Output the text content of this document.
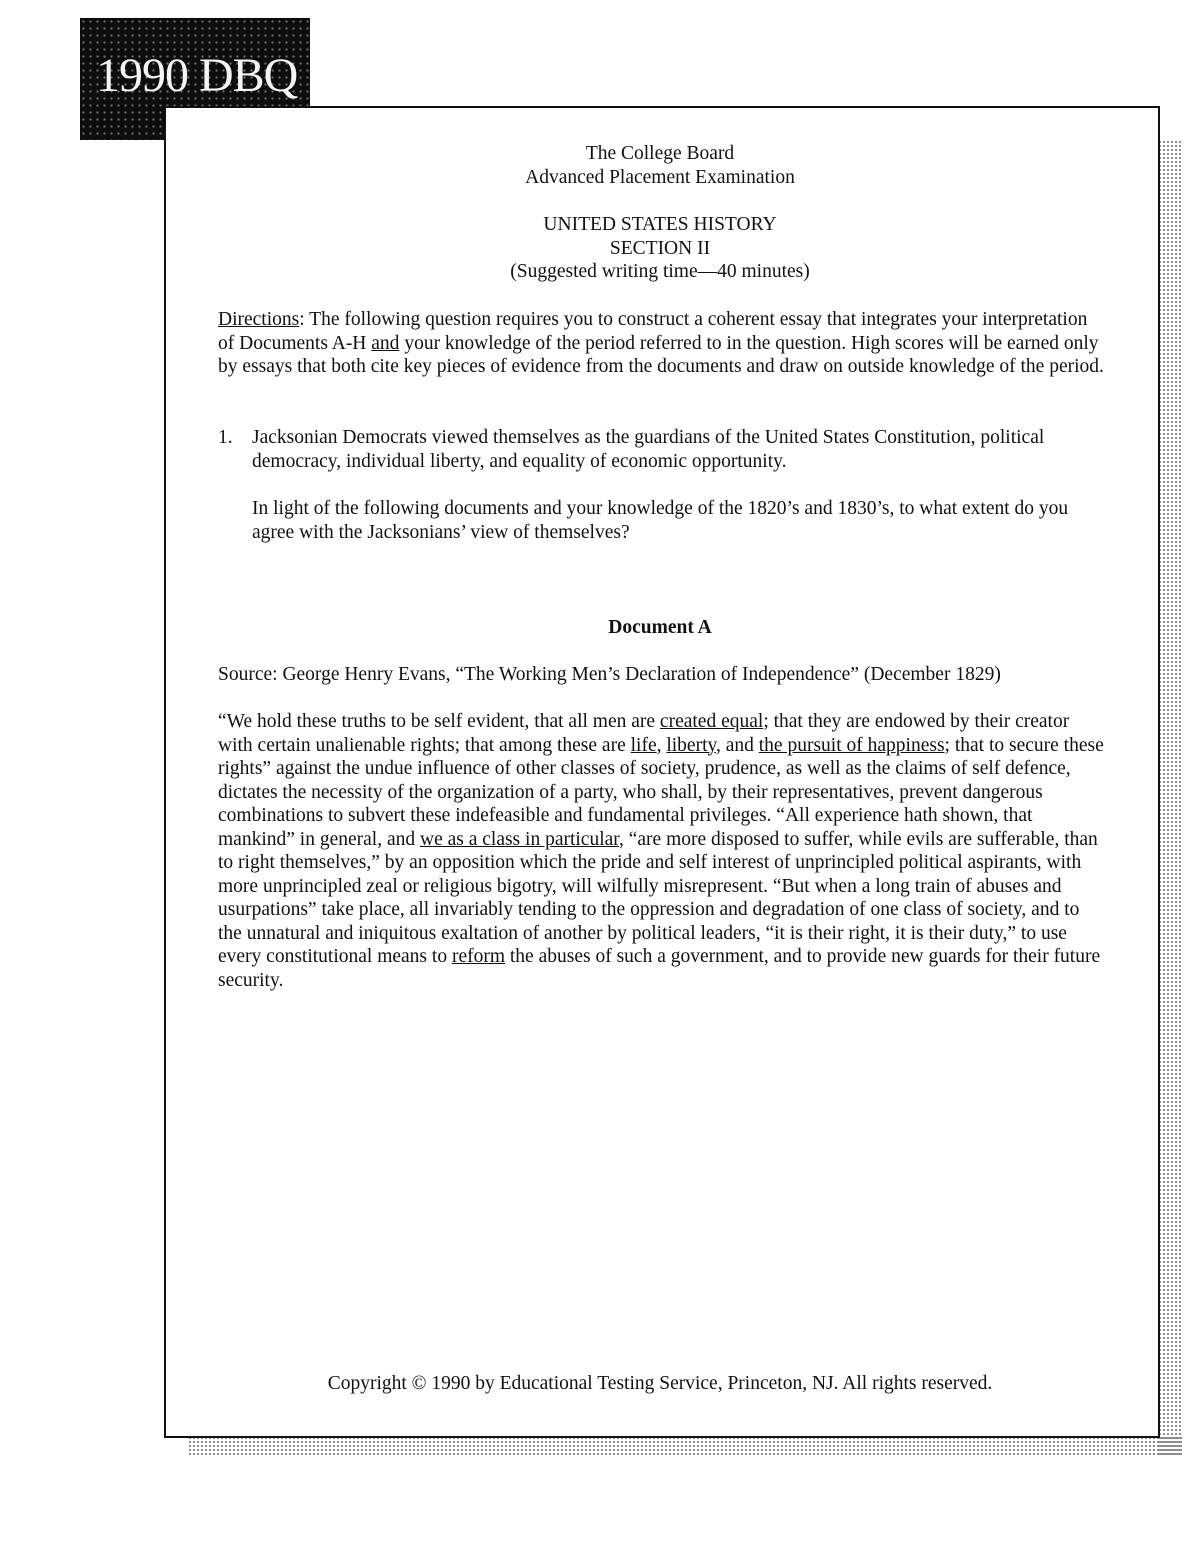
1990 DBQ
The College Board
Advanced Placement Examination
UNITED STATES HISTORY
SECTION II
(Suggested writing time—40 minutes)
Directions: The following question requires you to construct a coherent essay that integrates your interpretation of Documents A-H and your knowledge of the period referred to in the question. High scores will be earned only by essays that both cite key pieces of evidence from the documents and draw on outside knowledge of the period.
1. Jacksonian Democrats viewed themselves as the guardians of the United States Constitution, political democracy, individual liberty, and equality of economic opportunity.
In light of the following documents and your knowledge of the 1820’s and 1830’s, to what extent do you agree with the Jacksonians’ view of themselves?
Document A
Source: George Henry Evans, “The Working Men’s Declaration of Independence” (December 1829)
“We hold these truths to be self evident, that all men are created equal; that they are endowed by their creator with certain unalienable rights; that among these are life, liberty, and the pursuit of happiness; that to secure these rights” against the undue influence of other classes of society, prudence, as well as the claims of self defence, dictates the necessity of the organization of a party, who shall, by their representatives, prevent dangerous combinations to subvert these indefeasible and fundamental privileges. “All experience hath shown, that mankind” in general, and we as a class in particular, “are more disposed to suffer, while evils are sufferable, than to right themselves,” by an opposition which the pride and self interest of unprincipled political aspirants, with more unprincipled zeal or religious bigotry, will wilfully misrepresent. “But when a long train of abuses and usurpations” take place, all invariably tending to the oppression and degradation of one class of society, and to the unnatural and iniquitous exaltation of another by political leaders, “it is their right, it is their duty,” to use every constitutional means to reform the abuses of such a government, and to provide new guards for their future security.
Copyright © 1990 by Educational Testing Service, Princeton, NJ. All rights reserved.
